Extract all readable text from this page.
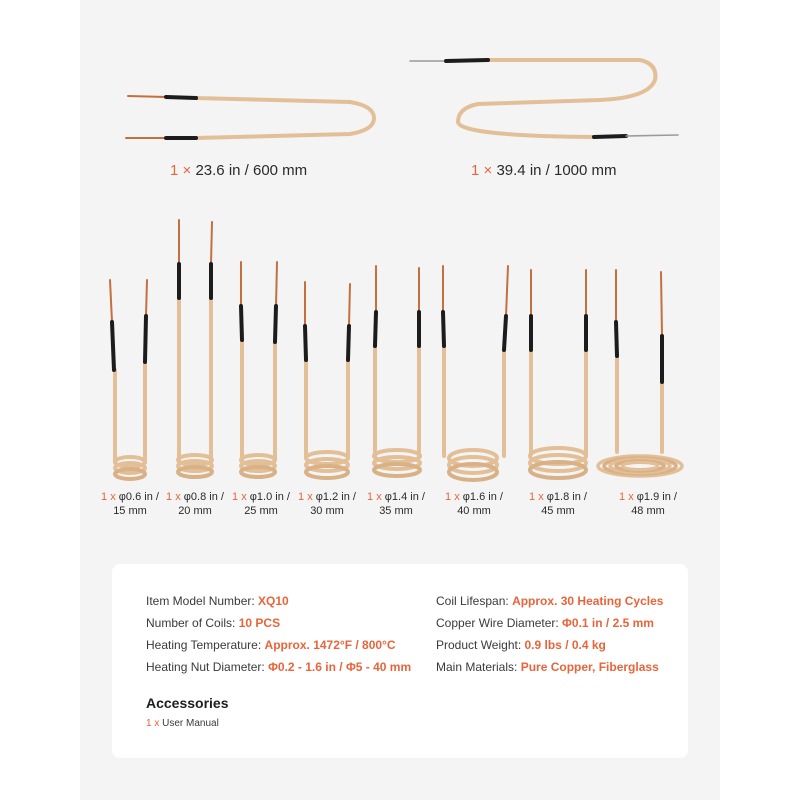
1 × 23.6 in / 600 mm	1 × 39.4 in / 1000 mm
1 x φ0.6 in /
15 mm
1 x φ0.8 in /
20 mm
1 x φ1.0 in /
25 mm
1 x φ1.2 in /
30 mm
1 x φ1.4 in /
35 mm
1 x φ1.6 in /
40 mm
1 x φ1.8 in /
45 mm
1 x φ1.9 in /
48 mm
Item Model Number: XQ10
Number of Coils: 10 PCS
Heating Temperature: Approx. 1472°F / 800°C
Heating Nut Diameter: Φ0.2 - 1.6 in / Φ5 - 40 mm
Coil Lifespan: Approx. 30 Heating Cycles
Copper Wire Diameter: Φ0.1 in / 2.5 mm
Product Weight: 0.9 lbs / 0.4 kg
Main Materials: Pure Copper, Fiberglass
Accessories
1 x User Manual
